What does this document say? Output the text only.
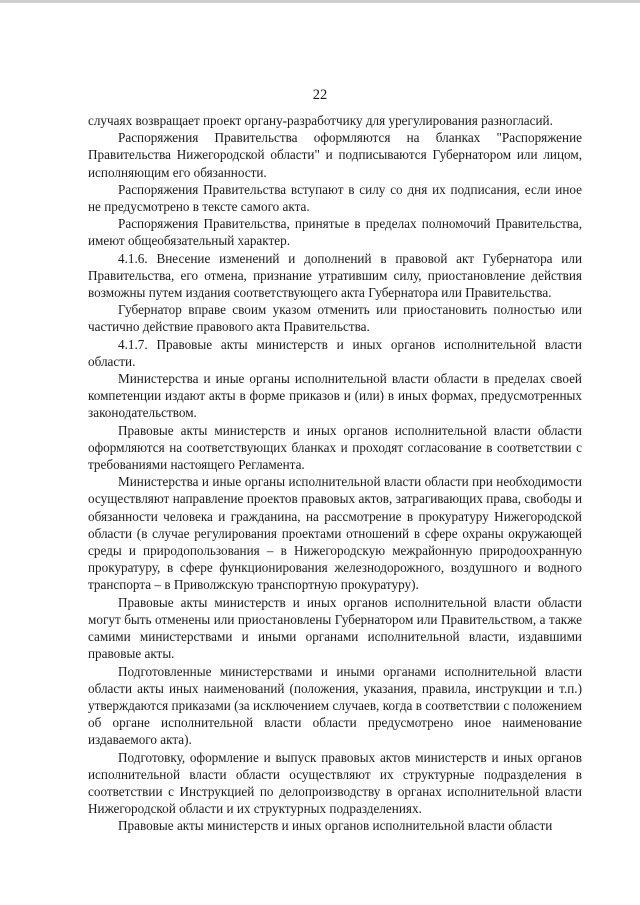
22

случаях возвращает проект органу-разработчику для урегулирования разногласий.

Распоряжения Правительства оформляются на бланках "Распоряжение Правительства Нижегородской области" и подписываются Губернатором или лицом, исполняющим его обязанности.

Распоряжения Правительства вступают в силу со дня их подписания, если иное не предусмотрено в тексте самого акта.

Распоряжения Правительства, принятые в пределах полномочий Правительства, имеют общеобязательный характер.

4.1.6. Внесение изменений и дополнений в правовой акт Губернатора или Правительства, его отмена, признание утратившим силу, приостановление действия возможны путем издания соответствующего акта Губернатора или Правительства.

Губернатор вправе своим указом отменить или приостановить полностью или частично действие правового акта Правительства.

4.1.7. Правовые акты министерств и иных органов исполнительной власти области.

Министерства и иные органы исполнительной власти области в пределах своей компетенции издают акты в форме приказов и (или) в иных формах, предусмотренных законодательством.

Правовые акты министерств и иных органов исполнительной власти области оформляются на соответствующих бланках и проходят согласование в соответствии с требованиями настоящего Регламента.

Министерства и иные органы исполнительной власти области при необходимости осуществляют направление проектов правовых актов, затрагивающих права, свободы и обязанности человека и гражданина, на рассмотрение в прокуратуру Нижегородской области (в случае регулирования проектами отношений в сфере охраны окружающей среды и природопользования – в Нижегородскую межрайонную природоохранную прокуратуру, в сфере функционирования железнодорожного, воздушного и водного транспорта – в Приволжскую транспортную прокуратуру).

Правовые акты министерств и иных органов исполнительной власти области могут быть отменены или приостановлены Губернатором или Правительством, а также самими министерствами и иными органами исполнительной власти, издавшими правовые акты.

Подготовленные министерствами и иными органами исполнительной власти области акты иных наименований (положения, указания, правила, инструкции и т.п.) утверждаются приказами (за исключением случаев, когда в соответствии с положением об органе исполнительной власти области предусмотрено иное наименование издаваемого акта).

Подготовку, оформление и выпуск правовых актов министерств и иных органов исполнительной власти области осуществляют их структурные подразделения в соответствии с Инструкцией по делопроизводству в органах исполнительной власти Нижегородской области и их структурных подразделениях.

Правовые акты министерств и иных органов исполнительной власти области
